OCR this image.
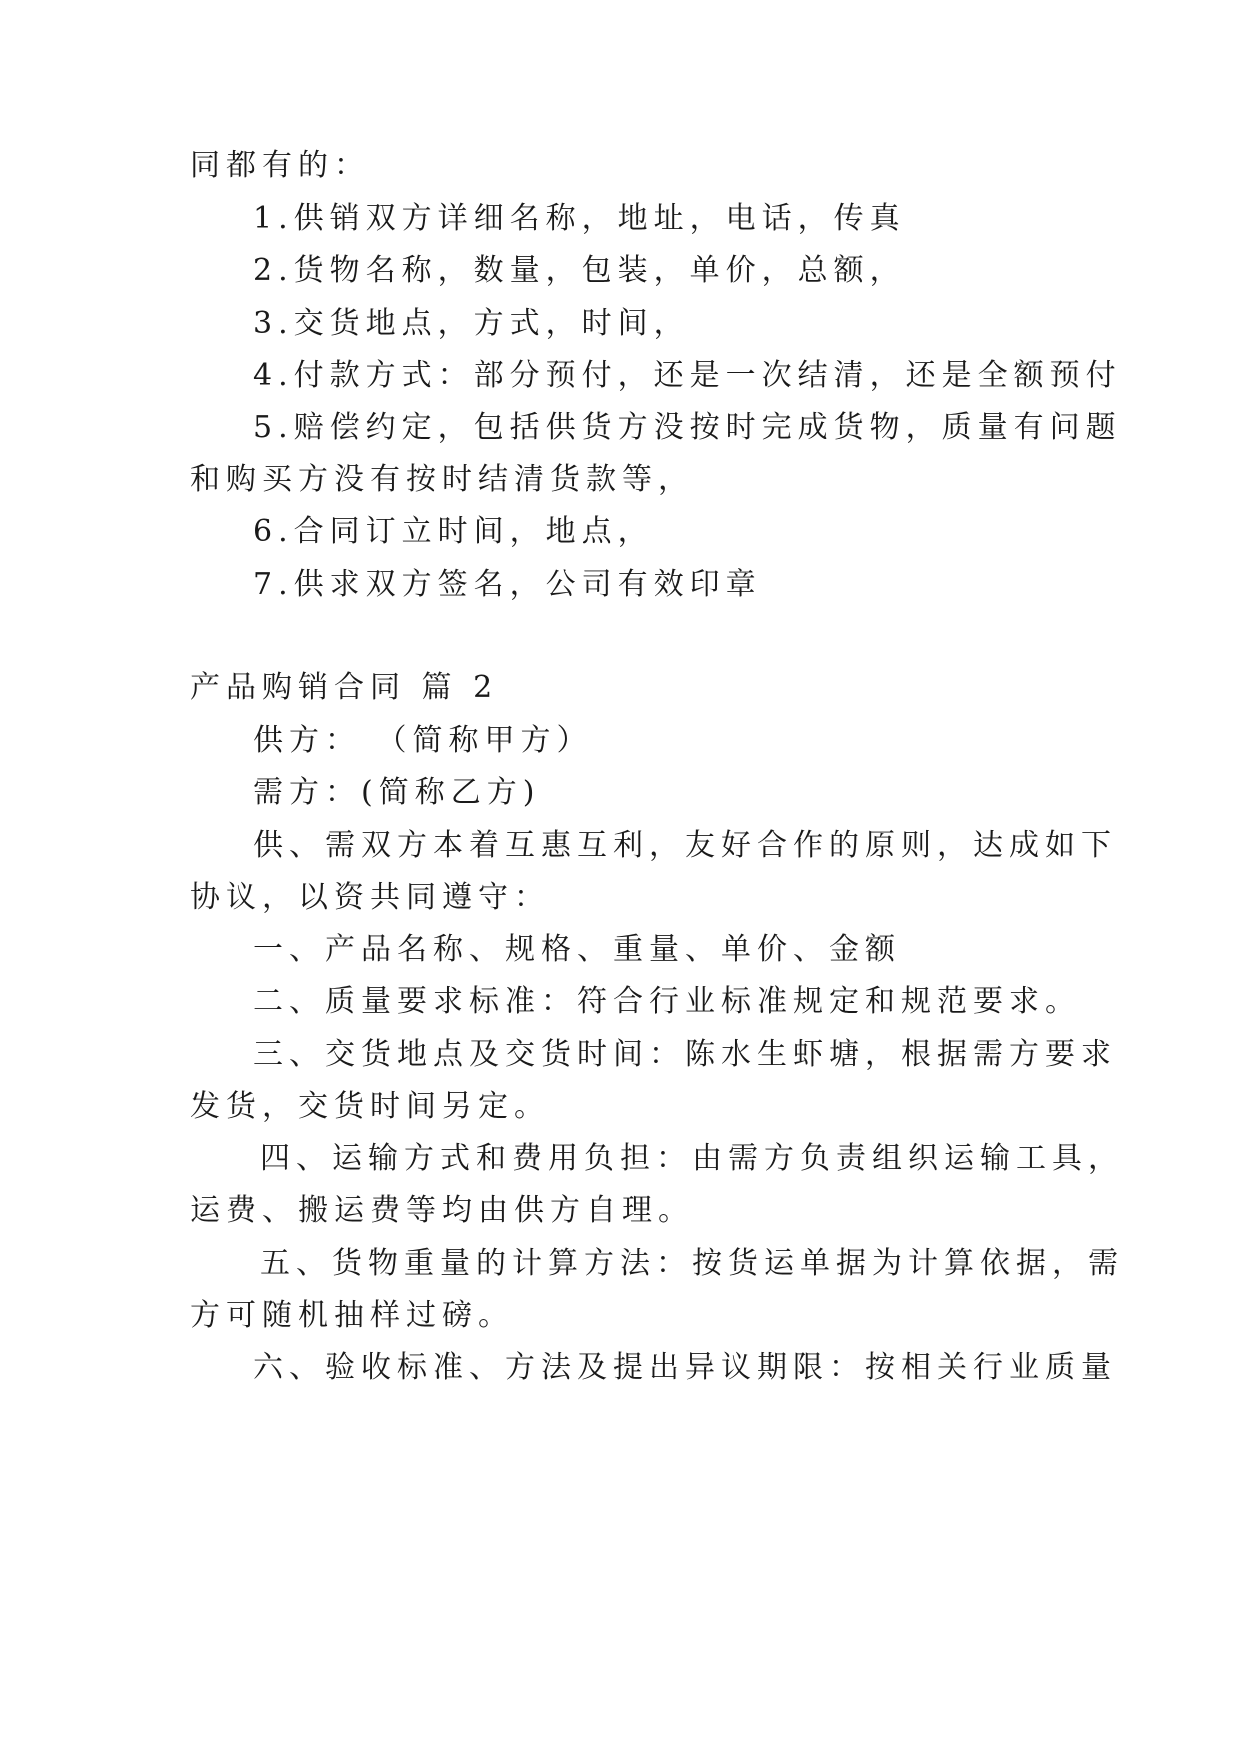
同都有的：
1.供销双方详细名称，地址，电话，传真
2.货物名称，数量，包装，单价，总额，
3.交货地点，方式，时间，
4.付款方式：部分预付，还是一次结清，还是全额预付
5.赔偿约定，包括供货方没按时完成货物，质量有问题
和购买方没有按时结清货款等，
6.合同订立时间，地点，
7.供求双方签名，公司有效印章
产品购销合同 篇 2
供方： （简称甲方）
需方：(简称乙方)
供、需双方本着互惠互利，友好合作的原则，达成如下
协议，以资共同遵守：
一、产品名称、规格、重量、单价、金额
二、质量要求标准：符合行业标准规定和规范要求。
三、交货地点及交货时间：陈水生虾塘，根据需方要求
发货，交货时间另定。
四、运输方式和费用负担：由需方负责组织运输工具，
运费、搬运费等均由供方自理。
五、货物重量的计算方法：按货运单据为计算依据，需
方可随机抽样过磅。
六、验收标准、方法及提出异议期限：按相关行业质量
